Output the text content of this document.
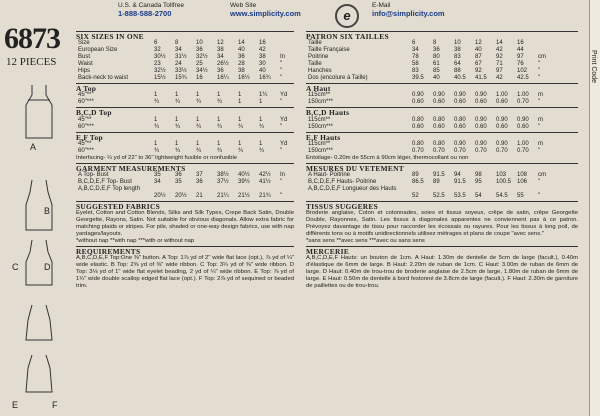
U.S. & Canada Tollfree
1-888-588-2700
Web Site
www.simplicity.com	e
E-Mail
info@simplicity.com
6873
12 PIECES
A
B
C	D
E	F
SIX SIZES IN ONE
Size	6	8	10	12	14	16	
European Size	32	34	36	38	40	42	
Bust	30½	31½	32½	34	36	38	In
Waist	23	24	25	26½	28	30	"
Hips	32½	33½	34½	36	38	40	"
Back-neck to waist	15½	15¾	16	16¼	16½	16¾	"
A Top
45"**	1	1	1	1	1	1¼	Yd
60"***	¾	¾	¾	¾	1	1	"
B,C,D Top
45"**	1	1	1	1	1	1	Yd
60"***	¾	¾	¾	¾	¾	¾	"
E,F Top
45"**	1	1	1	1	1	1	Yd
60"***	¾	¾	¾	¾	¾	¾	"
Interfacing- ¼ yd of 22" to 36" lightweight fusible or nonfusible
GARMENT MEASUREMENTS
A Top- Bust	35	36	37	38½	40½	42½	In
B,C,D,E,F Top- Bust	34	35	36	37½	39½	41½	"
A,B,C,D,E,F Top length							
	20½	20½	21	21¼	21½	21¾	"
SUGGESTED FABRICS
Eyelet, Cotton and Cotton Blends, Silks and Silk Types, Crepe Back Satin, Double Georgette, Rayons, Satin. Not suitable for obvious diagonals. Allow extra fabric for matching plaids or stripes. For pile, shaded or one-way design fabrics, use with nap yardages/layouts.
*without nap **with nap ***with or without nap
REQUIREMENTS
A,B,C,D,E,F Top:One ⅜" button. A Top: 1⅞ yd of 2" wide flat lace (opt.), ⅞ yd of ¼" wide elastic. B Top: 2⅝ yd of ⅜" wide ribbon. C Top: 3¼ yd of ⅜" wide ribbon. D Top: 3⅛ yd of 1" wide flat eyelet beading, 2 yd of ¼" wide ribbon. E Top: ⅞ yd of 1¾" wide double scallop edged flat lace (opt.). F Top: 2⅞ yd of sequined or beaded trim.
PATRON SIX TAILLES
Taille	6	8	10	12	14	16	
Taille Française	34	36	38	40	42	44	
Poitrine	78	80	83	87	92	97	cm
Taille	58	61	64	67	71	76	"
Hanches	83	85	88	92	97	102	"
Dos (encolure à Taille)	39.5	40	40.5	41.5	42	42.5	"
A Haut
115cm**	0.90	0.90	0.90	0.90	1.00	1.00	m
150cm***	0.60	0.60	0.60	0.60	0.60	0.70	"
B,C,D Hauts
115cm**	0.80	0.80	0.80	0.90	0.90	0.90	m
150cm***	0.60	0.60	0.60	0.60	0.60	0.60	"
E,F Hauts
115cm**	0.80	0.80	0.90	0.90	0.90	1.00	m
150cm***	0.70	0.70	0.70	0.70	0.70	0.70	"
Entoilage- 0.20m de 55cm à 90cm léger, thermocollant ou non
MESURES DU VETEMENT
A Haut- Poitrine	89	91.5	94	98	103	108	cm
B,C,D,E,F Hauts- Poitrine	86.5	89	91.5	95	100.5	106	"
A,B,C,D,E,F Longueur des Hauts							
	52	52.5	53.5	54	54.5	55	"
TISSUS SUGGERES
Broderie anglaise, Coton et cotonnades, soies et tissus soyeux, crêpe de satin, crêpe Georgette Double, Rayonnes, Satin. Les tissus à diagonales apparentes ne conviennent pas à ce patron. Prévoyez davantage de tissu pour raccorder les écossais ou rayures. Pour les tissus à long poil, de différents tons ou à motifs unidirectionnels utilisez métrages et plans de coupe "avec sens."
*sans sens **avec sens ***avec ou sans sens
MERCERIE
A,B,C,D,E,F Hauts: un bouton de 1cm. A Haut: 1.30m de dentelle de 5cm de large (facult.), 0.40m d'élastique de 6mm de large. B Haut: 2.20m de ruban de 1cm. C Haut: 3.00m de ruban de 6mm de large. D Haut: 0.40m de trou-trou de broderie anglaise de 2.5cm de large, 1.80m de ruban de 6mm de large. E Haut: 0.50m de dentelle à bord festonné de 3.8cm de large (facult.). F Haut: 2.30m de garniture de paillettes ou de trou-trou.
Print Code
